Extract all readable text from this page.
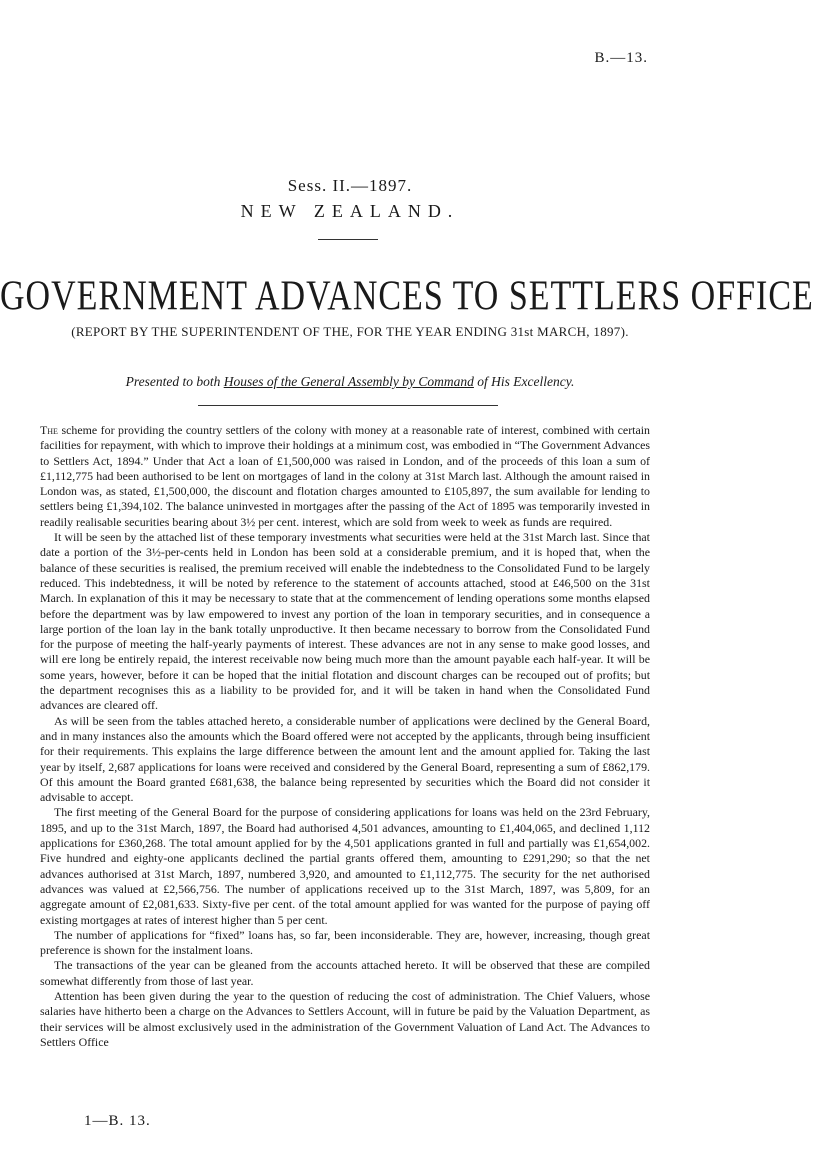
B.—13.
Sess. II.—1897.
NEW ZEALAND.
GOVERNMENT ADVANCES TO SETTLERS OFFICE
(REPORT BY THE SUPERINTENDENT OF THE, FOR THE YEAR ENDING 31st MARCH, 1897).
Presented to both Houses of the General Assembly by Command of His Excellency.

The scheme for providing the country settlers of the colony with money at a reasonable rate of interest, combined with certain facilities for repayment, with which to improve their holdings at a minimum cost, was embodied in “The Government Advances to Settlers Act, 1894.” Under that Act a loan of £1,500,000 was raised in London, and of the proceeds of this loan a sum of £1,112,775 had been authorised to be lent on mortgages of land in the colony at 31st March last. Although the amount raised in London was, as stated, £1,500,000, the discount and flotation charges amounted to £105,897, the sum available for lending to settlers being £1,394,102. The balance uninvested in mortgages after the passing of the Act of 1895 was temporarily invested in readily realisable securities bearing about 3½ per cent. interest, which are sold from week to week as funds are required.

It will be seen by the attached list of these temporary investments what securities were held at the 31st March last. Since that date a portion of the 3½-per-cents held in London has been sold at a considerable premium, and it is hoped that, when the balance of these securities is realised, the premium received will enable the indebtedness to the Consolidated Fund to be largely reduced. This indebtedness, it will be noted by reference to the statement of accounts attached, stood at £46,500 on the 31st March. In explanation of this it may be necessary to state that at the commencement of lending operations some months elapsed before the department was by law empowered to invest any portion of the loan in temporary securities, and in consequence a large portion of the loan lay in the bank totally unproductive. It then became necessary to borrow from the Consolidated Fund for the purpose of meeting the half-yearly payments of interest. These advances are not in any sense to make good losses, and will ere long be entirely repaid, the interest receivable now being much more than the amount payable each half-year. It will be some years, however, before it can be hoped that the initial flotation and discount charges can be recouped out of profits; but the department recognises this as a liability to be provided for, and it will be taken in hand when the Consolidated Fund advances are cleared off.

As will be seen from the tables attached hereto, a considerable number of applications were declined by the General Board, and in many instances also the amounts which the Board offered were not accepted by the applicants, through being insufficient for their requirements. This explains the large difference between the amount lent and the amount applied for. Taking the last year by itself, 2,687 applications for loans were received and considered by the General Board, representing a sum of £862,179. Of this amount the Board granted £681,638, the balance being represented by securities which the Board did not consider it advisable to accept.

The first meeting of the General Board for the purpose of considering applications for loans was held on the 23rd February, 1895, and up to the 31st March, 1897, the Board had authorised 4,501 advances, amounting to £1,404,065, and declined 1,112 applications for £360,268. The total amount applied for by the 4,501 applications granted in full and partially was £1,654,002. Five hundred and eighty-one applicants declined the partial grants offered them, amounting to £291,290; so that the net advances authorised at 31st March, 1897, numbered 3,920, and amounted to £1,112,775. The security for the net authorised advances was valued at £2,566,756. The number of applications received up to the 31st March, 1897, was 5,809, for an aggregate amount of £2,081,633. Sixty-five per cent. of the total amount applied for was wanted for the purpose of paying off existing mortgages at rates of interest higher than 5 per cent.

The number of applications for “fixed” loans has, so far, been inconsiderable. They are, however, increasing, though great preference is shown for the instalment loans.

The transactions of the year can be gleaned from the accounts attached hereto. It will be observed that these are compiled somewhat differently from those of last year.

Attention has been given during the year to the question of reducing the cost of administration. The Chief Valuers, whose salaries have hitherto been a charge on the Advances to Settlers Account, will in future be paid by the Valuation Department, as their services will be almost exclusively used in the administration of the Government Valuation of Land Act. The Advances to Settlers Office

1—B. 13.
